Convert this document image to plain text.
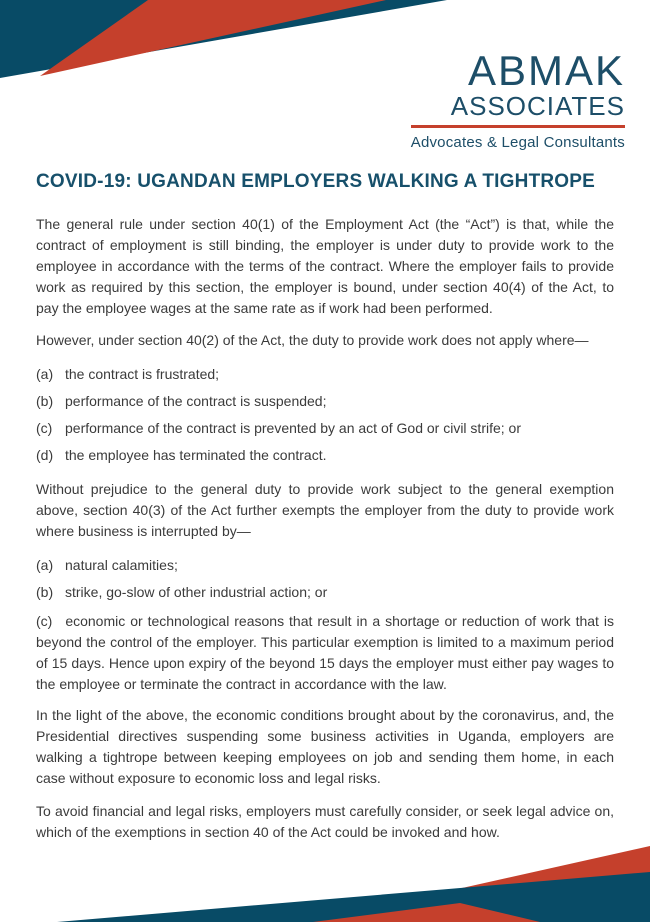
ABMAK
ASSOCIATES
Advocates & Legal Consultants
COVID-19: UGANDAN EMPLOYERS WALKING A TIGHTROPE

The general rule under section 40(1) of the Employment Act (the “Act”) is that, while the contract of employment is still binding, the employer is under duty to provide work to the employee in accordance with the terms of the contract. Where the employer fails to provide work as required by this section, the employer is bound, under section 40(4) of the Act, to pay the employee wages at the same rate as if work had been performed.

However, under section 40(2) of the Act, the duty to provide work does not apply where—

(a) the contract is frustrated;
(b) performance of the contract is suspended;
(c) performance of the contract is prevented by an act of God or civil strife; or
(d) the employee has terminated the contract.

Without prejudice to the general duty to provide work subject to the general exemption above, section 40(3) of the Act further exempts the employer from the duty to provide work where business is interrupted by—

(a) natural calamities;
(b) strike, go-slow of other industrial action; or

(c) economic or technological reasons that result in a shortage or reduction of work that is beyond the control of the employer. This particular exemption is limited to a maximum period of 15 days. Hence upon expiry of the beyond 15 days the employer must either pay wages to the employee or terminate the contract in accordance with the law.

In the light of the above, the economic conditions brought about by the coronavirus, and, the Presidential directives suspending some business activities in Uganda, employers are walking a tightrope between keeping employees on job and sending them home, in each case without exposure to economic loss and legal risks.

To avoid financial and legal risks, employers must carefully consider, or seek legal advice on, which of the exemptions in section 40 of the Act could be invoked and how.
